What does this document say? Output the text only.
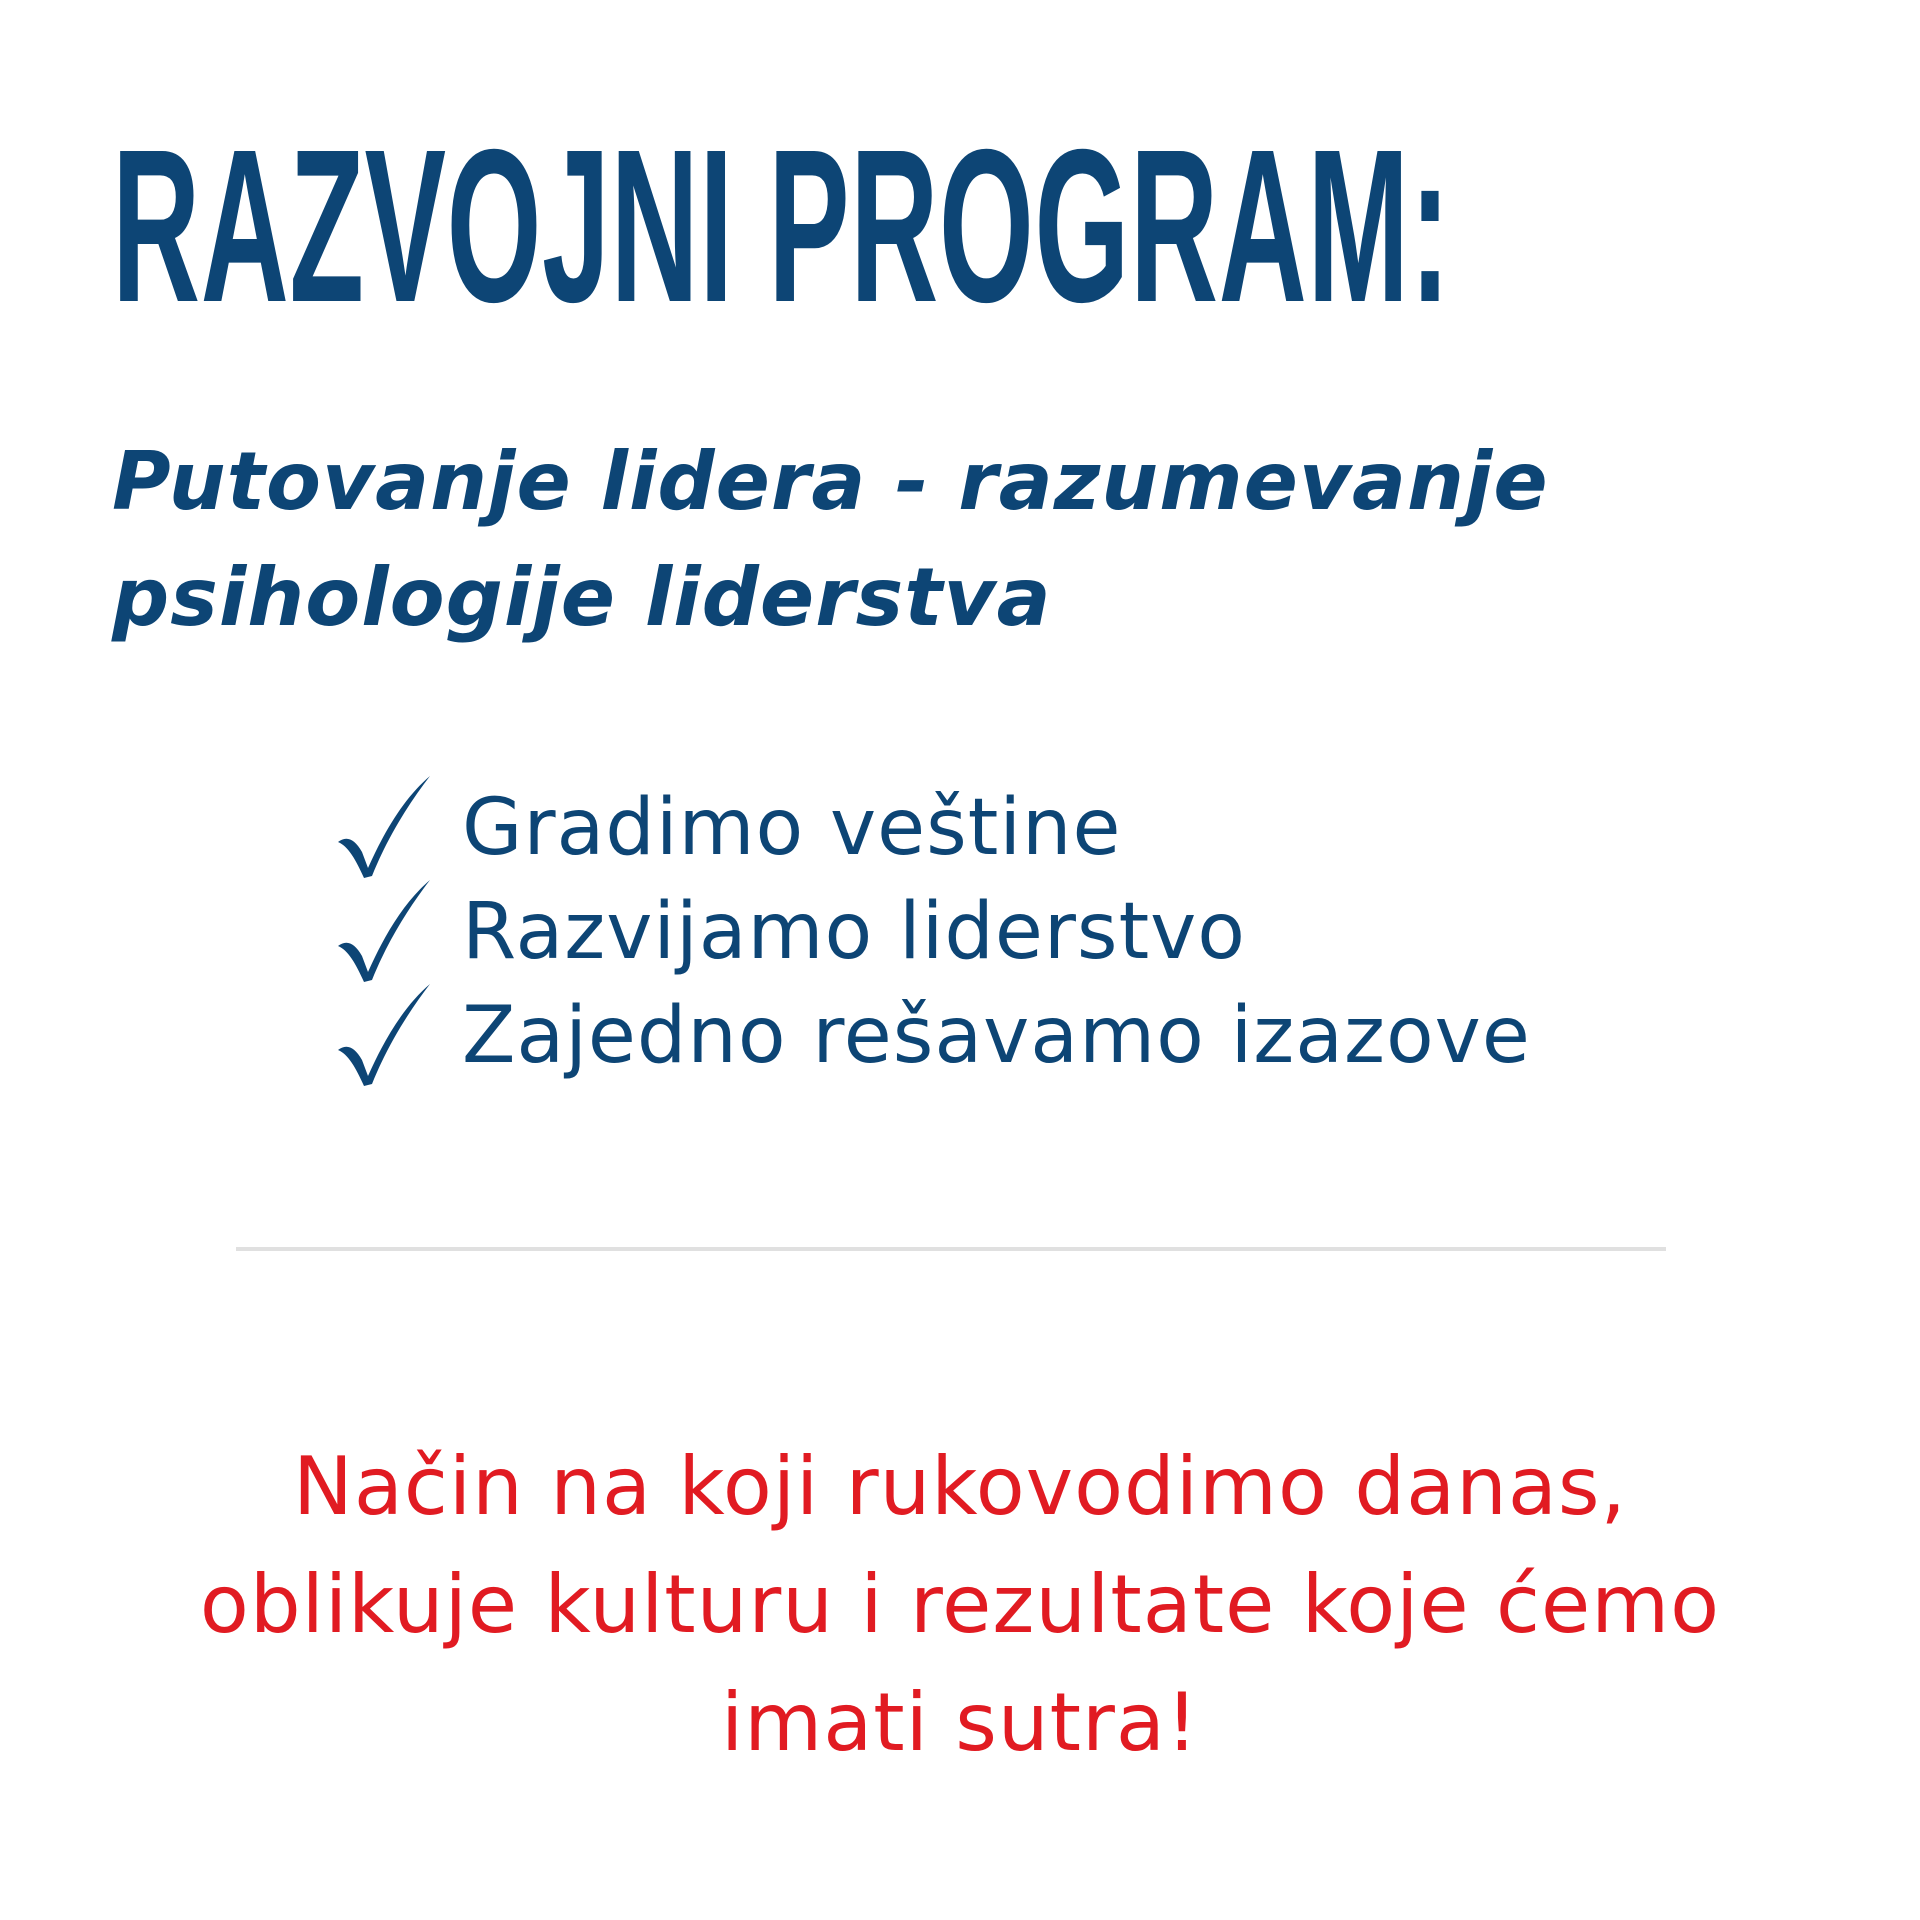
RAZVOJNI PROGRAM:

Putovanje lidera - razumevanje psihologije liderstva

Gradimo veštine
Razvijamo liderstvo
Zajedno rešavamo izazove

Način na koji rukovodimo danas, oblikuje kulturu i rezultate koje ćemo imati sutra!
